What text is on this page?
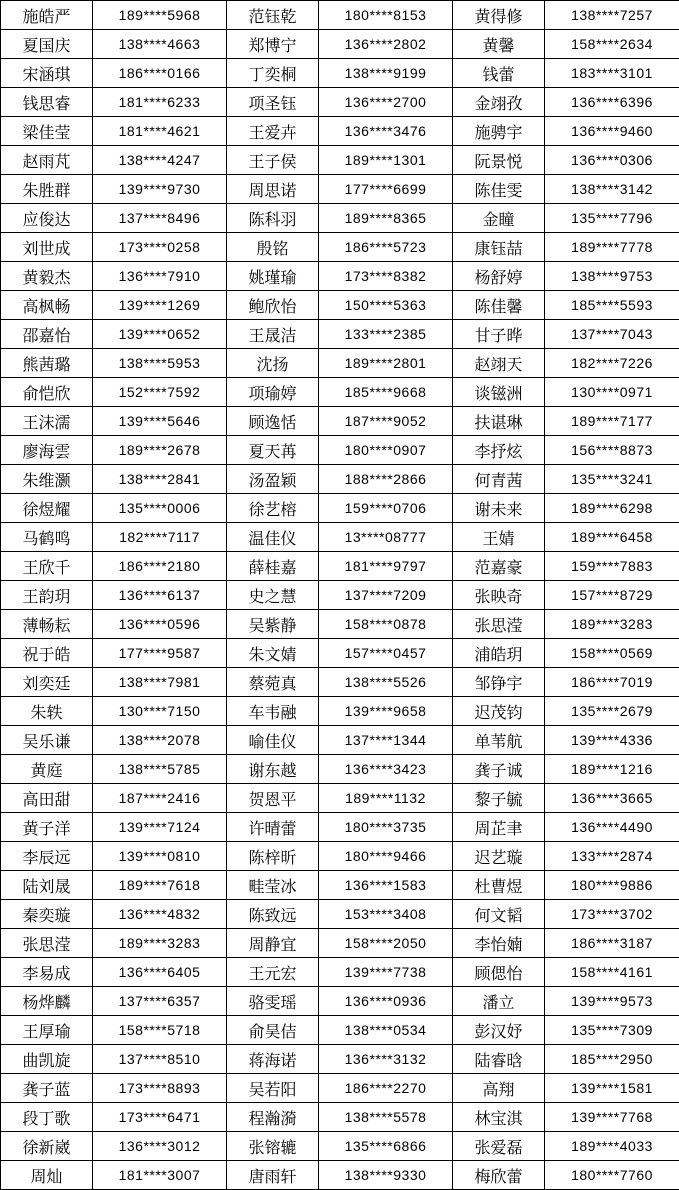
施皓严	189****5968	范钰乾	180****8153	黄得修	138****7257
夏国庆	138****4663	郑博宁	136****2802	黄馨	158****2634
宋涵琪	186****0166	丁奕桐	138****9199	钱蕾	183****3101
钱思睿	181****6233	项圣钰	136****2700	金翊孜	136****6396
梁佳莹	181****4621	王爱卉	136****3476	施骋宇	136****9460
赵雨芃	138****4247	王子侯	189****1301	阮景悦	136****0306
朱胜群	139****9730	周思诺	177****6699	陈佳雯	138****3142
应俊达	137****8496	陈科羽	189****8365	金瞳	135****7796
刘世成	173****0258	殷铭	186****5723	康钰喆	189****7778
黄毅杰	136****7910	姚瑾瑜	173****8382	杨舒婷	138****9753
高枫畅	139****1269	鲍欣怡	150****5363	陈佳馨	185****5593
邵嘉怡	139****0652	王晟洁	133****2385	甘子晔	137****7043
熊茜璐	138****5953	沈扬	189****2801	赵翊天	182****7226
俞恺欣	152****7592	项瑜婷	185****9668	谈镃洲	130****0971
王沫濡	139****5646	顾逸恬	187****9052	扶谌琳	189****7177
廖海雲	189****2678	夏天苒	180****0907	李抒炫	156****8873
朱维灏	138****2841	汤盈颖	188****2866	何青茜	135****3241
徐煜耀	135****0006	徐艺榕	159****0706	谢未来	189****6298
马鹤鸣	182****7117	温佳仪	13****08777	王婧	189****6458
王欣千	186****2180	薛桂嘉	181****9797	范嘉豪	159****7883
王韵玥	136****6137	史之慧	137****7209	张映奇	157****8729
薄畅耘	136****0596	吴紫静	158****0878	张思滢	189****3283
祝于皓	177****9587	朱文婧	157****0457	浦皓玥	158****0569
刘奕廷	138****7981	蔡菀真	138****5526	邹铮宇	186****7019
朱轶	130****7150	车韦融	139****9658	迟茂钧	135****2679
吴乐谦	138****2078	喻佳仪	137****1344	单苇航	139****4336
黄庭	138****5785	谢东越	136****3423	龚子诚	189****1216
高田甜	187****2416	贺恩平	189****1132	黎子毓	136****3665
黄子洋	139****7124	许晴蕾	180****3735	周芷聿	136****4490
李辰远	139****0810	陈梓昕	180****9466	迟艺璇	133****2874
陆刘晟	189****7618	畦莹冰	136****1583	杜曹煜	180****9886
秦奕璇	136****4832	陈致远	153****3408	何文韬	173****3702
张思滢	189****3283	周静宜	158****2050	李怡婻	186****3187
李易成	136****6405	王元宏	139****7738	顾偲怡	158****4161
杨烨麟	137****6357	骆雯瑶	136****0936	潘立	139****9573
王厚瑜	158****5718	俞昊佶	138****0534	彭汉妤	135****7309
曲凯旋	137****8510	蒋海诺	136****3132	陆睿晗	185****2950
龚子蓝	173****8893	吴若阳	186****2270	高翔	139****1581
段丁歌	173****6471	程瀚漪	138****5578	林宝淇	139****7768
徐新崴	136****3012	张镕辘	135****6866	张爱磊	189****4033
周灿	181****3007	唐雨轩	138****9330	梅欣蕾	180****7760
